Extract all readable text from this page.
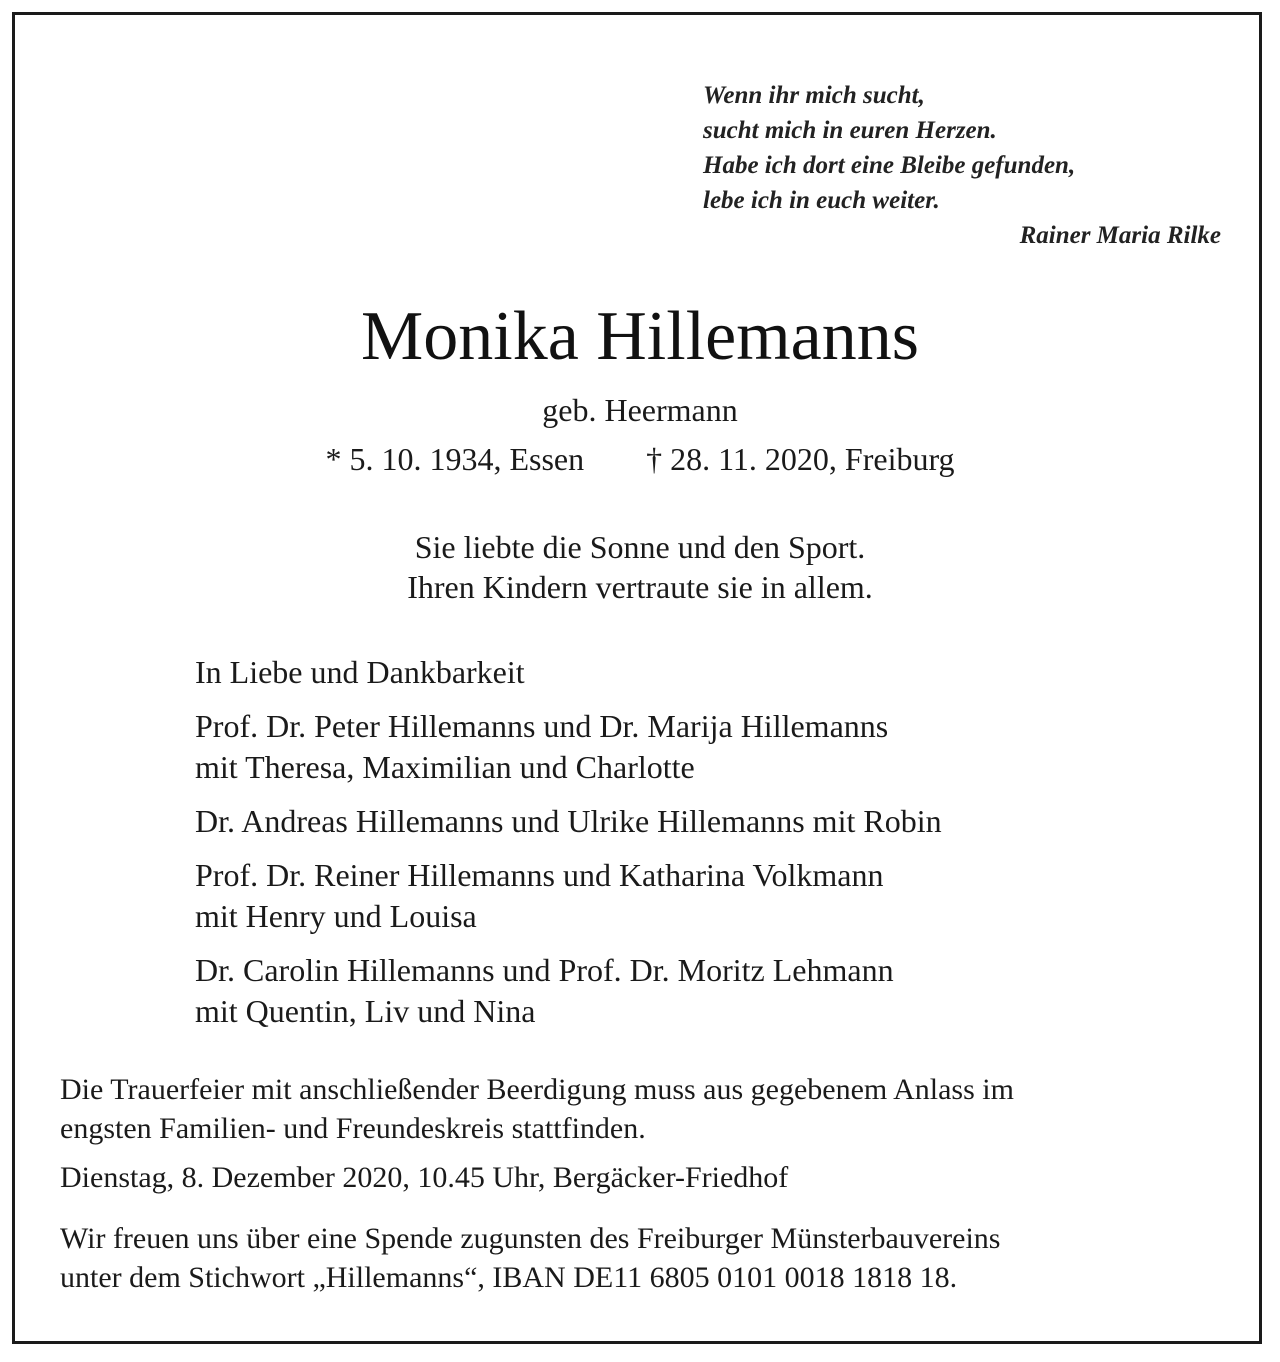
Wenn ihr mich sucht,
sucht mich in euren Herzen.
Habe ich dort eine Bleibe gefunden,
lebe ich in euch weiter.
Rainer Maria Rilke
Monika Hillemanns
geb. Heermann
* 5. 10. 1934, Essen † 28. 11. 2020, Freiburg
Sie liebte die Sonne und den Sport.
Ihren Kindern vertraute sie in allem.
In Liebe und Dankbarkeit
Prof. Dr. Peter Hillemanns und Dr. Marija Hillemanns
mit Theresa, Maximilian und Charlotte
Dr. Andreas Hillemanns und Ulrike Hillemanns mit Robin
Prof. Dr. Reiner Hillemanns und Katharina Volkmann
mit Henry und Louisa
Dr. Carolin Hillemanns und Prof. Dr. Moritz Lehmann
mit Quentin, Liv und Nina

Die Trauerfeier mit anschließender Beerdigung muss aus gegebenem Anlass im
engsten Familien- und Freundeskreis stattfinden.

Dienstag, 8. Dezember 2020, 10.45 Uhr, Bergäcker-Friedhof

Wir freuen uns über eine Spende zugunsten des Freiburger Münsterbauvereins
unter dem Stichwort „Hillemanns“, IBAN DE11 6805 0101 0018 1818 18.
